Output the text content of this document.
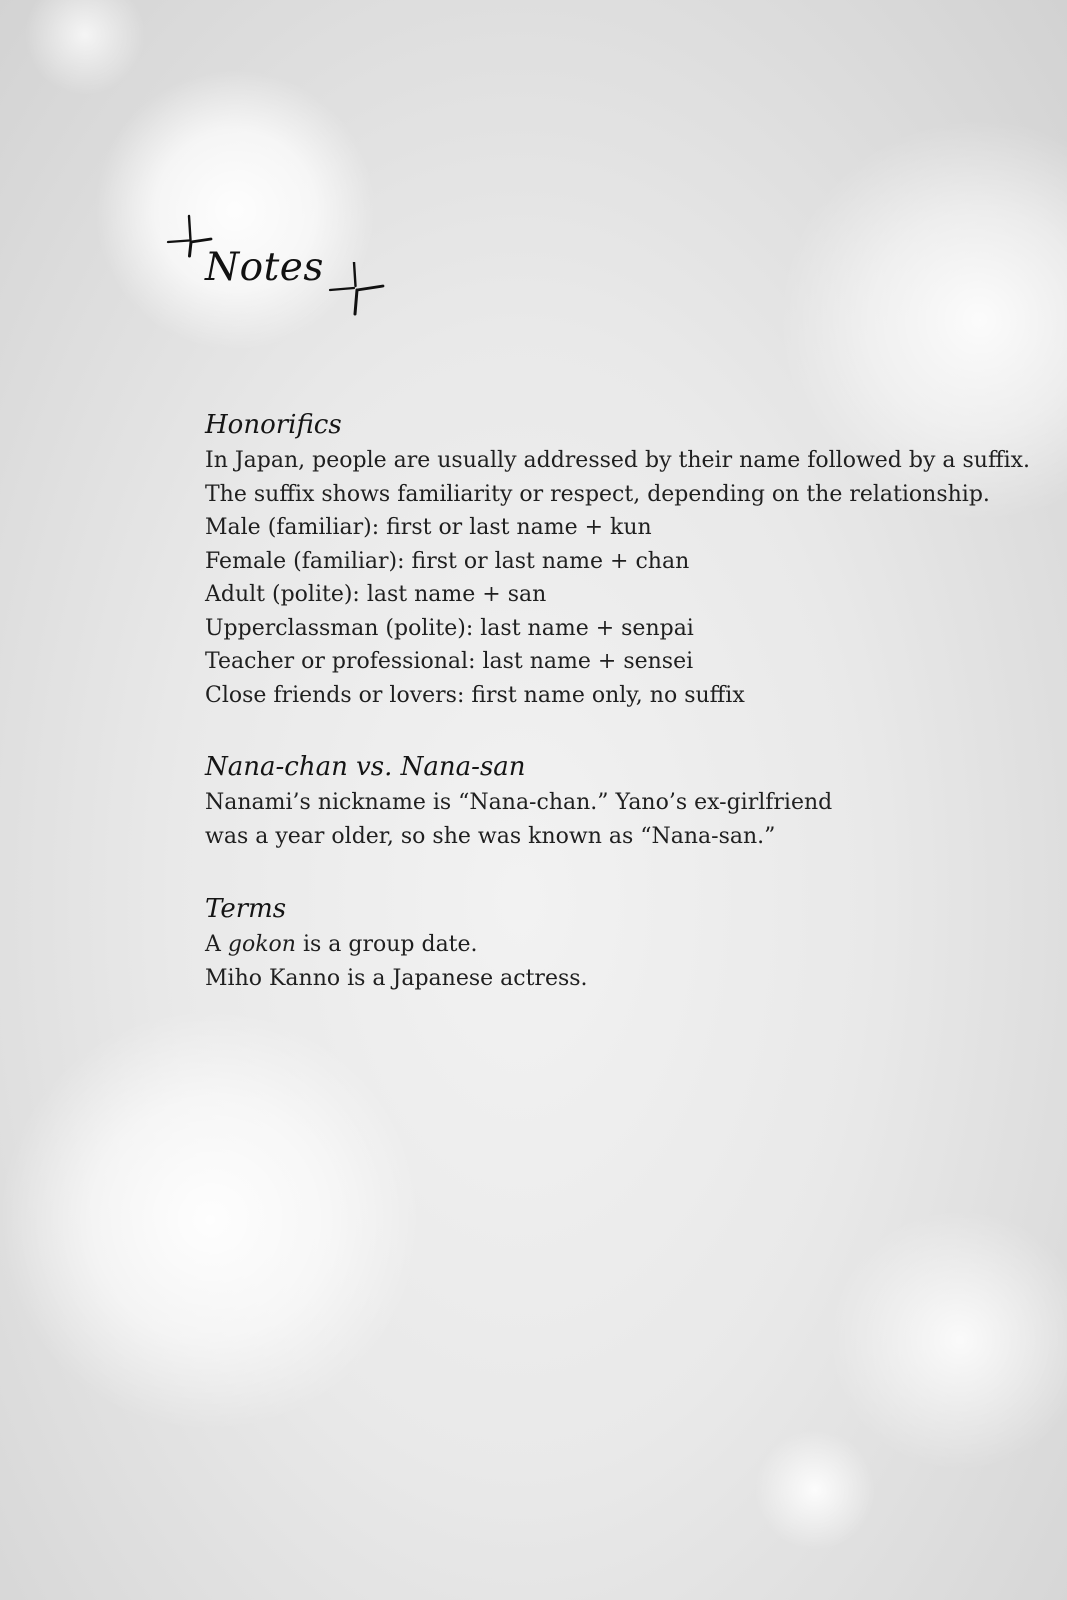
Notes
Honorifics
In Japan, people are usually addressed by their name followed by a suffix.
The suffix shows familiarity or respect, depending on the relationship.
Male (familiar): first or last name + kun
Female (familiar): first or last name + chan
Adult (polite): last name + san
Upperclassman (polite): last name + senpai
Teacher or professional: last name + sensei
Close friends or lovers: first name only, no suffix
Nana-chan vs. Nana-san
Nanami’s nickname is “Nana-chan.” Yano’s ex-girlfriend
was a year older, so she was known as “Nana-san.”
Terms
A gokon is a group date.
Miho Kanno is a Japanese actress.
